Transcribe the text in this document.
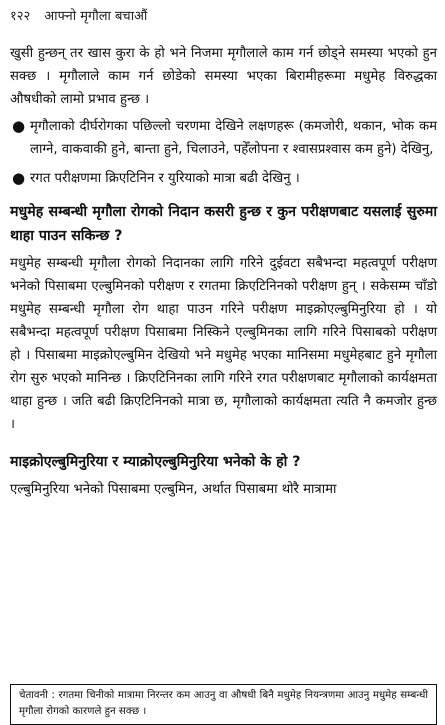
१२२ आफ्नो मृगौला बचाऔं

खुसी हुन्छन् तर खास कुरा के हो भने निजमा मृगौलाले काम गर्न छोड्ने समस्या भएको हुन सक्छ । मृगौलाले काम गर्न छोडेको समस्या भएका बिरामीहरूमा मधुमेह विरुद्धका औषधीको लामो प्रभाव हुन्छ ।

● मृगौलाको दीर्घरोगका पछिल्लो चरणमा देखिने लक्षणहरू (कमजोरी, थकान, भोक कम लाग्ने, वाकवाकी हुने, बान्ता हुने, चिलाउने, पहेँलोपना र श्वासप्रश्वास कम हुने) देखिनु,
● रगत परीक्षणमा क्रिएटिनिन र युरियाको मात्रा बढी देखिनु ।
मधुमेह सम्बन्धी मृगौला रोगको निदान कसरी हुन्छ र कुन परीक्षणबाट यसलाई सुरुमा थाहा पाउन सकिन्छ ?

मधुमेह सम्बन्धी मृगौला रोगको निदानका लागि गरिने दुईवटा सबैभन्दा महत्वपूर्ण परीक्षण भनेको पिसाबमा एल्बुमिनको परीक्षण र रगतमा क्रिएटिनिनको परीक्षण हुन् । सकेसम्म चाँडो मधुमेह सम्बन्धी मृगौला रोग थाहा पाउन गरिने परीक्षण माइक्रोएल्बुमिनुरिया हो । यो सबैभन्दा महत्वपूर्ण परीक्षण पिसाबमा निस्किने एल्बुमिनका लागि गरिने पिसाबको परीक्षण हो । पिसाबमा माइक्रोएल्बुमिन देखियो भने मधुमेह भएका मानिसमा मधुमेहबाट हुने मृगौला रोग सुरु भएको मानिन्छ । क्रिएटिनिनका लागि गरिने रगत परीक्षणबाट मृगौलाको कार्यक्षमता थाहा हुन्छ । जति बढी क्रिएटिनिनको मात्रा छ, मृगौलाको कार्यक्षमता त्यति नै कमजोर हुन्छ ।

माइक्रोएल्बुमिनुरिया र म्याक्रोएल्बुमिनुरिया भनेको के हो ?

एल्बुमिनुरिया भनेको पिसाबमा एल्बुमिन, अर्थात पिसाबमा थोरै मात्रामा

चेतावनी : रगतमा चिनीको मात्रामा निरन्तर कम आउनु वा औषधी बिनै मधुमेह नियन्त्रणमा आउनु मधुमेह सम्बन्धी मृगौला रोगको कारणले हुन सक्छ ।
